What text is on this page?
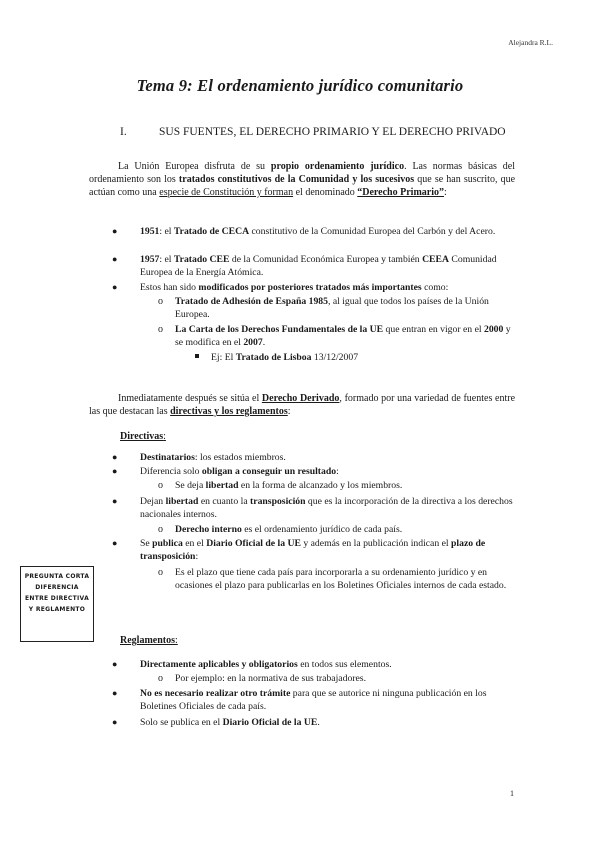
Alejandra R.L.
Tema 9: El ordenamiento jurídico comunitario
I.	SUS FUENTES, EL DERECHO PRIMARIO Y EL DERECHO PRIVADO
La Unión Europea disfruta de su propio ordenamiento jurídico. Las normas básicas del ordenamiento son los tratados constitutivos de la Comunidad y los sucesivos que se han suscrito, que actúan como una especie de Constitución y forman el denominado “Derecho Primario”:
● 1951: el Tratado de CECA constitutivo de la Comunidad Europea del Carbón y del Acero.
● 1957: el Tratado CEE de la Comunidad Económica Europea y también CEEA Comunidad Europea de la Energía Atómica.
● Estos han sido modificados por posteriores tratados más importantes como:
o Tratado de Adhesión de España 1985, al igual que todos los países de la Unión Europea.
o La Carta de los Derechos Fundamentales de la UE que entran en vigor en el 2000 y se modifica en el 2007.
Ej: El Tratado de Lisboa 13/12/2007
Inmediatamente después se sitúa el Derecho Derivado, formado por una variedad de fuentes entre las que destacan las directivas y los reglamentos:
Directivas:
● Destinatarios: los estados miembros.
● Diferencia solo obligan a conseguir un resultado:
o Se deja libertad en la forma de alcanzado y los miembros.
● Dejan libertad en cuanto la transposición que es la incorporación de la directiva a los derechos nacionales internos.
o Derecho interno es el ordenamiento jurídico de cada país.
● Se publica en el Diario Oficial de la UE y además en la publicación indican el plazo de transposición:
o Es el plazo que tiene cada país para incorporarla a su ordenamiento jurídico y en ocasiones el plazo para publicarlas en los Boletines Oficiales internos de cada estado.
PREGUNTA CORTA
DIFERENCIA
ENTRE DIRECTIVA
Y REGLAMENTO
Reglamentos:
● Directamente aplicables y obligatorios en todos sus elementos.
o Por ejemplo: en la normativa de sus trabajadores.
● No es necesario realizar otro trámite para que se autorice ni ninguna publicación en los Boletines Oficiales de cada país.
● Solo se publica en el Diario Oficial de la UE.
1
